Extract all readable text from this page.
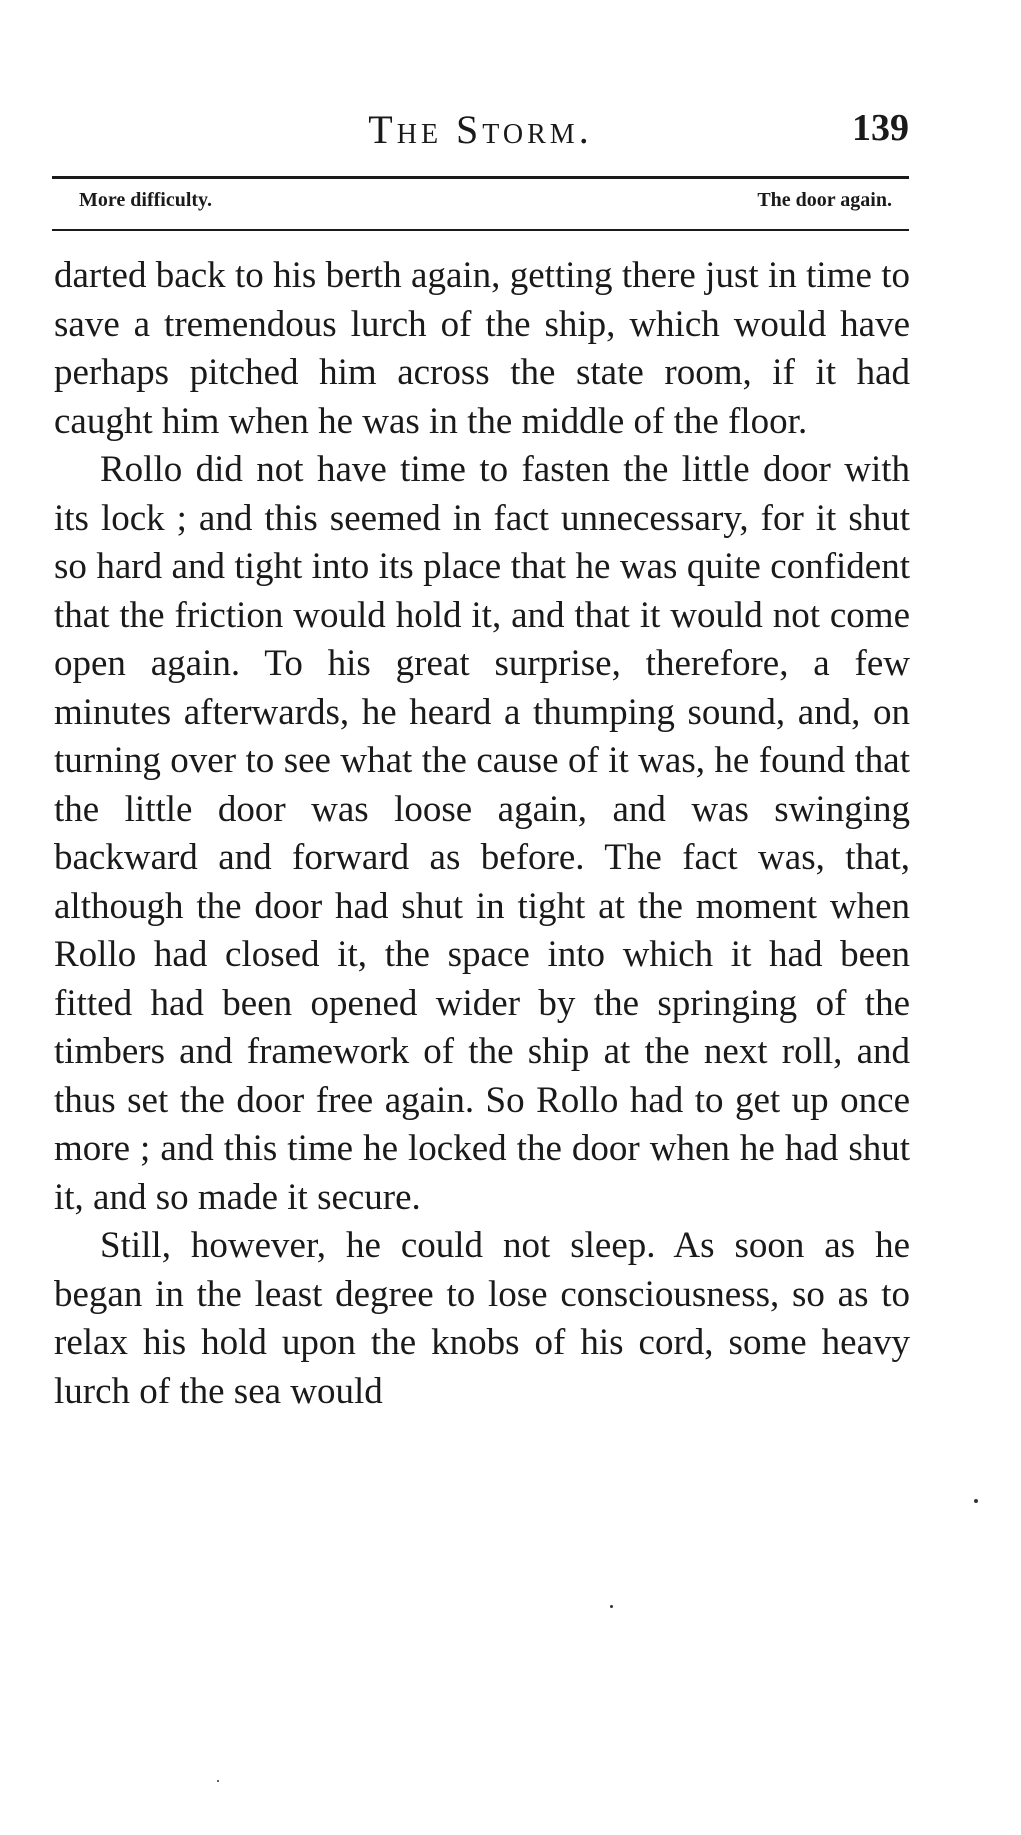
The Storm.	139
More difficulty.	The door again.

darted back to his berth again, getting there just in time to save a tremendous lurch of the ship, which would have perhaps pitched him across the state room, if it had caught him when he was in the middle of the floor.

Rollo did not have time to fasten the little door with its lock ; and this seemed in fact unnecessary, for it shut so hard and tight into its place that he was quite confident that the friction would hold it, and that it would not come open again. To his great surprise, therefore, a few minutes afterwards, he heard a thumping sound, and, on turning over to see what the cause of it was, he found that the little door was loose again, and was swinging backward and forward as before. The fact was, that, although the door had shut in tight at the moment when Rollo had closed it, the space into which it had been fitted had been opened wider by the springing of the timbers and framework of the ship at the next roll, and thus set the door free again. So Rollo had to get up once more ; and this time he locked the door when he had shut it, and so made it secure.

Still, however, he could not sleep. As soon as he began in the least degree to lose consciousness, so as to relax his hold upon the knobs of his cord, some heavy lurch of the sea would
